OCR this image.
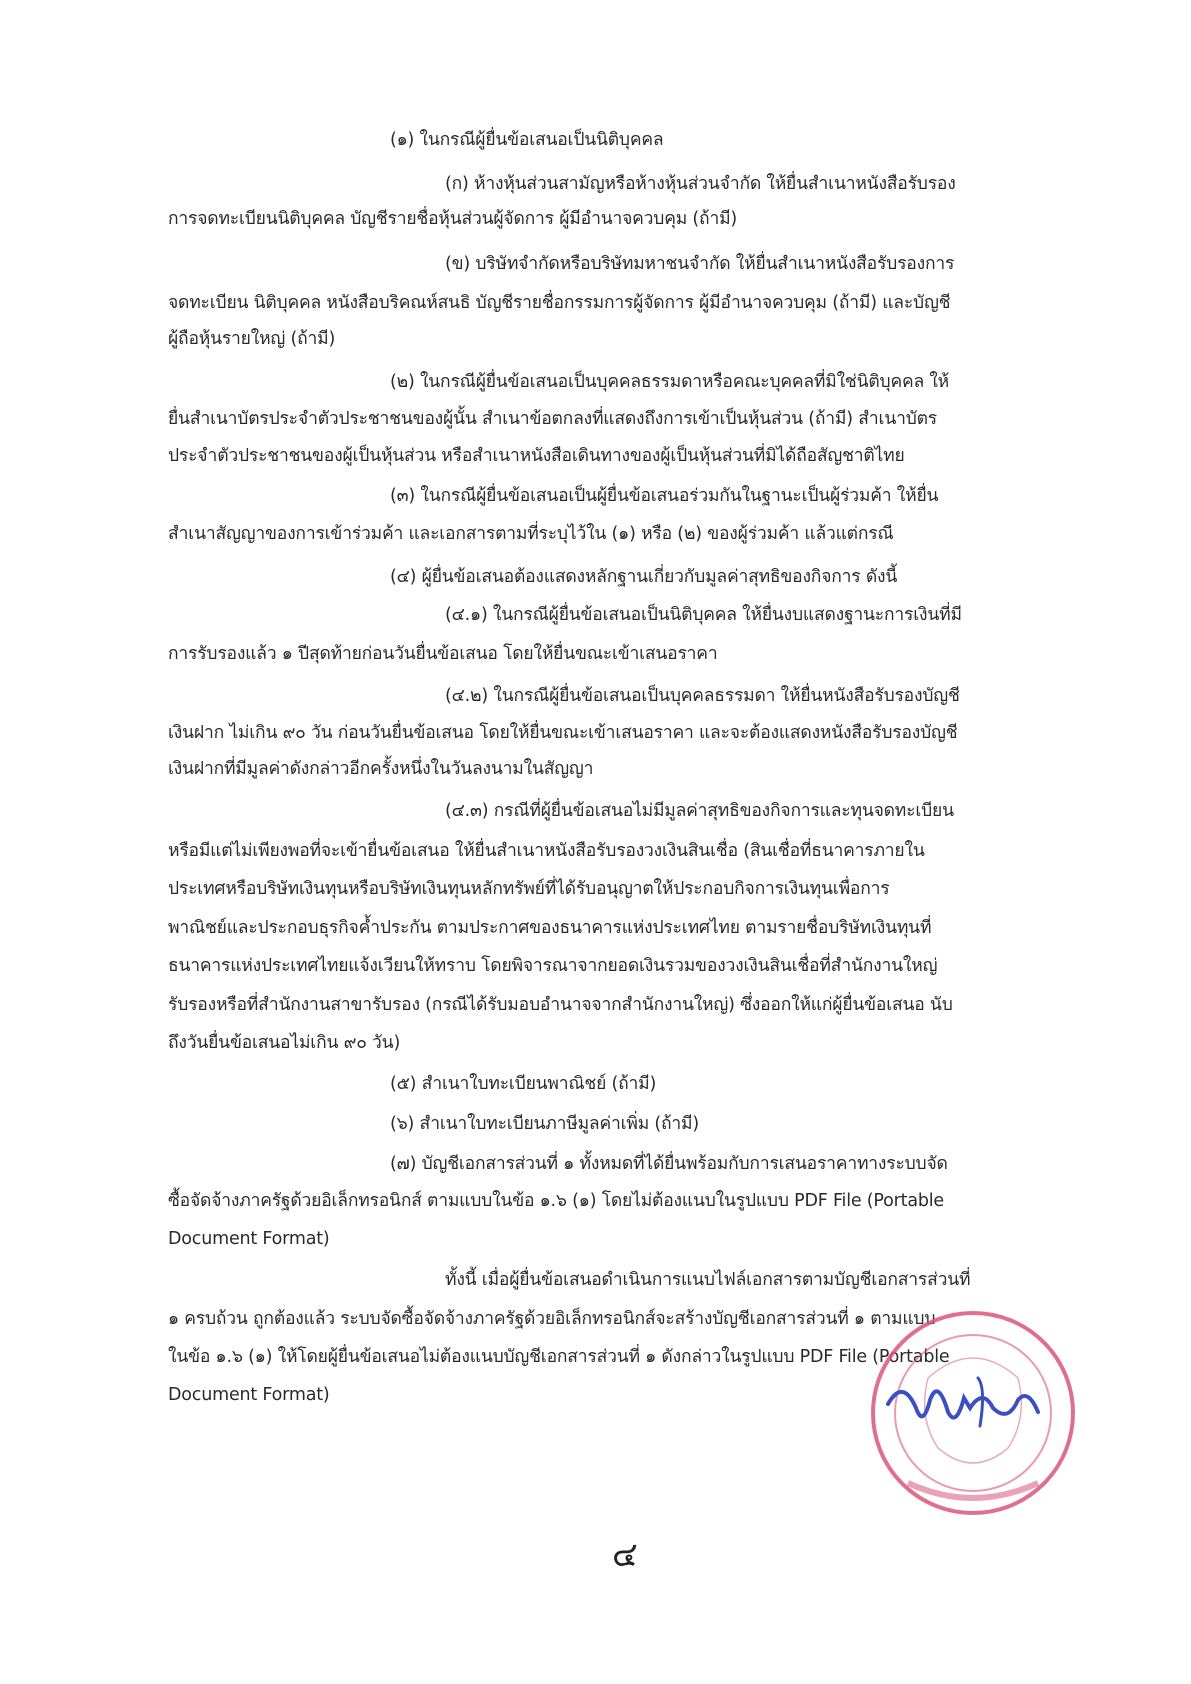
(๑) ในกรณีผู้ยื่นข้อเสนอเป็นนิติบุคคล
(ก) ห้างหุ้นส่วนสามัญหรือห้างหุ้นส่วนจำกัด ให้ยื่นสำเนาหนังสือรับรอง
การจดทะเบียนนิติบุคคล บัญชีรายชื่อหุ้นส่วนผู้จัดการ ผู้มีอำนาจควบคุม (ถ้ามี)
(ข) บริษัทจำกัดหรือบริษัทมหาชนจำกัด ให้ยื่นสำเนาหนังสือรับรองการ
จดทะเบียน นิติบุคคล หนังสือบริคณห์สนธิ บัญชีรายชื่อกรรมการผู้จัดการ ผู้มีอำนาจควบคุม (ถ้ามี) และบัญชี
ผู้ถือหุ้นรายใหญ่ (ถ้ามี)
(๒) ในกรณีผู้ยื่นข้อเสนอเป็นบุคคลธรรมดาหรือคณะบุคคลที่มิใช่นิติบุคคล ให้
ยื่นสำเนาบัตรประจำตัวประชาชนของผู้นั้น สำเนาข้อตกลงที่แสดงถึงการเข้าเป็นหุ้นส่วน (ถ้ามี) สำเนาบัตร
ประจำตัวประชาชนของผู้เป็นหุ้นส่วน หรือสำเนาหนังสือเดินทางของผู้เป็นหุ้นส่วนที่มิได้ถือสัญชาติไทย
(๓) ในกรณีผู้ยื่นข้อเสนอเป็นผู้ยื่นข้อเสนอร่วมกันในฐานะเป็นผู้ร่วมค้า ให้ยื่น
สำเนาสัญญาของการเข้าร่วมค้า และเอกสารตามที่ระบุไว้ใน (๑) หรือ (๒) ของผู้ร่วมค้า แล้วแต่กรณี
(๔) ผู้ยื่นข้อเสนอต้องแสดงหลักฐานเกี่ยวกับมูลค่าสุทธิของกิจการ ดังนี้
(๔.๑) ในกรณีผู้ยื่นข้อเสนอเป็นนิติบุคคล ให้ยื่นงบแสดงฐานะการเงินที่มี
การรับรองแล้ว ๑ ปีสุดท้ายก่อนวันยื่นข้อเสนอ โดยให้ยื่นขณะเข้าเสนอราคา
(๔.๒) ในกรณีผู้ยื่นข้อเสนอเป็นบุคคลธรรมดา ให้ยื่นหนังสือรับรองบัญชี
เงินฝาก ไม่เกิน ๙๐ วัน ก่อนวันยื่นข้อเสนอ โดยให้ยื่นขณะเข้าเสนอราคา และจะต้องแสดงหนังสือรับรองบัญชี
เงินฝากที่มีมูลค่าดังกล่าวอีกครั้งหนึ่งในวันลงนามในสัญญา
(๔.๓) กรณีที่ผู้ยื่นข้อเสนอไม่มีมูลค่าสุทธิของกิจการและทุนจดทะเบียน
หรือมีแต่ไม่เพียงพอที่จะเข้ายื่นข้อเสนอ ให้ยื่นสำเนาหนังสือรับรองวงเงินสินเชื่อ (สินเชื่อที่ธนาคารภายใน
ประเทศหรือบริษัทเงินทุนหรือบริษัทเงินทุนหลักทรัพย์ที่ได้รับอนุญาตให้ประกอบกิจการเงินทุนเพื่อการ
พาณิชย์และประกอบธุรกิจค้ำประกัน ตามประกาศของธนาคารแห่งประเทศไทย ตามรายชื่อบริษัทเงินทุนที่
ธนาคารแห่งประเทศไทยแจ้งเวียนให้ทราบ โดยพิจารณาจากยอดเงินรวมของวงเงินสินเชื่อที่สำนักงานใหญ่
รับรองหรือที่สำนักงานสาขารับรอง (กรณีได้รับมอบอำนาจจากสำนักงานใหญ่) ซึ่งออกให้แก่ผู้ยื่นข้อเสนอ นับ
ถึงวันยื่นข้อเสนอไม่เกิน ๙๐ วัน)
(๕) สำเนาใบทะเบียนพาณิชย์ (ถ้ามี)
(๖) สำเนาใบทะเบียนภาษีมูลค่าเพิ่ม (ถ้ามี)
(๗) บัญชีเอกสารส่วนที่ ๑ ทั้งหมดที่ได้ยื่นพร้อมกับการเสนอราคาทางระบบจัด
ซื้อจัดจ้างภาครัฐด้วยอิเล็กทรอนิกส์ ตามแบบในข้อ ๑.๖ (๑) โดยไม่ต้องแนบในรูปแบบ PDF File (Portable
Document Format)
ทั้งนี้ เมื่อผู้ยื่นข้อเสนอดำเนินการแนบไฟล์เอกสารตามบัญชีเอกสารส่วนที่
๑ ครบถ้วน ถูกต้องแล้ว ระบบจัดซื้อจัดจ้างภาครัฐด้วยอิเล็กทรอนิกส์จะสร้างบัญชีเอกสารส่วนที่ ๑ ตามแบบ
ในข้อ ๑.๖ (๑) ให้โดยผู้ยื่นข้อเสนอไม่ต้องแนบบัญชีเอกสารส่วนที่ ๑ ดังกล่าวในรูปแบบ PDF File (Portable
Document Format)
๔
